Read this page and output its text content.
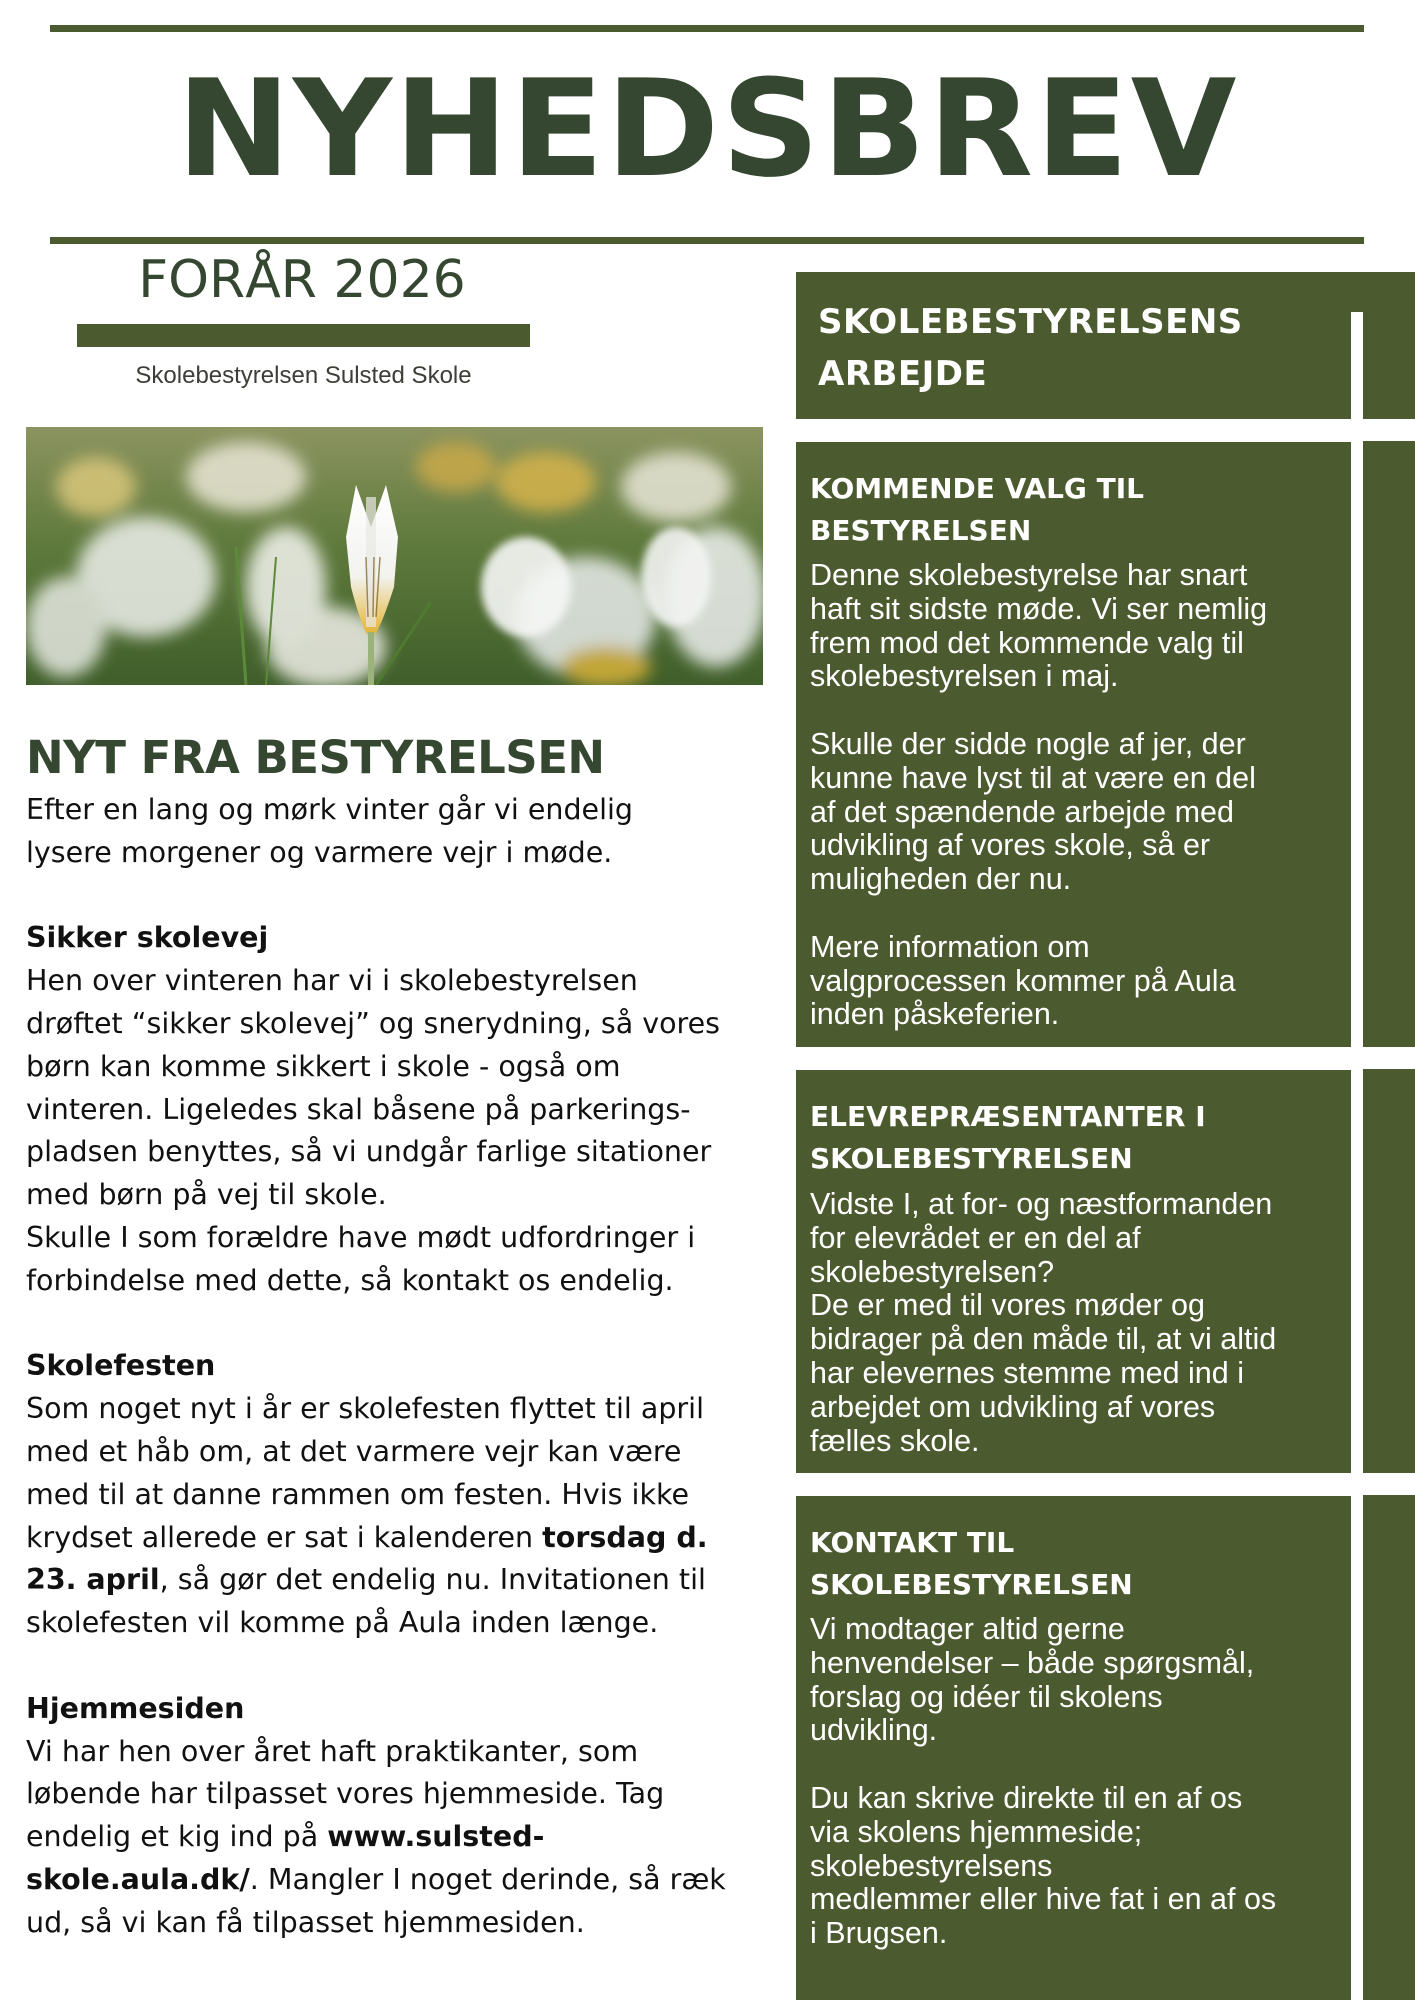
NYHEDSBREV
FORÅR 2026
Skolebestyrelsen Sulsted Skole
NYT FRA BESTYRELSEN

Efter en lang og mørk vinter går vi endelig
lysere morgener og varmere vejr i møde.

Sikker skolevej

Hen over vinteren har vi i skolebestyrelsen
drøftet “sikker skolevej” og snerydning, så vores
børn kan komme sikkert i skole - også om
vinteren. Ligeledes skal båsene på parkerings-
pladsen benyttes, så vi undgår farlige sitationer
med børn på vej til skole.
Skulle I som forældre have mødt udfordringer i
forbindelse med dette, så kontakt os endelig.

Skolefesten

Som noget nyt i år er skolefesten flyttet til april
med et håb om, at det varmere vejr kan være
med til at danne rammen om festen. Hvis ikke
krydset allerede er sat i kalenderen torsdag d.
23. april, så gør det endelig nu. Invitationen til
skolefesten vil komme på Aula inden længe.

Hjemmesiden

Vi har hen over året haft praktikanter, som
løbende har tilpasset vores hjemmeside. Tag
endelig et kig ind på www.sulsted-
skole.aula.dk/. Mangler I noget derinde, så ræk
ud, så vi kan få tilpasset hjemmesiden.

SKOLEBESTYRELSENS
ARBEJDE
KOMMENDE VALG TIL
BESTYRELSEN
Denne skolebestyrelse har snart
haft sit sidste møde. Vi ser nemlig
frem mod det kommende valg til
skolebestyrelsen i maj.

Skulle der sidde nogle af jer, der
kunne have lyst til at være en del
af det spændende arbejde med
udvikling af vores skole, så er
muligheden der nu.

Mere information om
valgprocessen kommer på Aula
inden påskeferien.
ELEVREPRÆSENTANTER I
SKOLEBESTYRELSEN
Vidste I, at for- og næstformanden
for elevrådet er en del af
skolebestyrelsen?
De er med til vores møder og
bidrager på den måde til, at vi altid
har elevernes stemme med ind i
arbejdet om udvikling af vores
fælles skole.
KONTAKT TIL
SKOLEBESTYRELSEN
Vi modtager altid gerne
henvendelser – både spørgsmål,
forslag og idéer til skolens
udvikling.

Du kan skrive direkte til en af os
via skolens hjemmeside;
skolebestyrelsens
medlemmer eller hive fat i en af os
i Brugsen.
